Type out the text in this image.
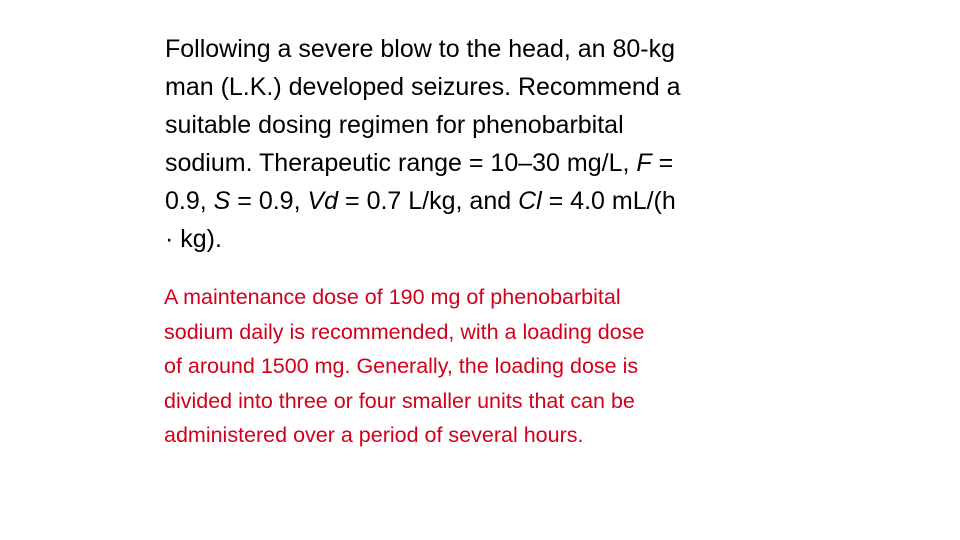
Following a severe blow to the head, an 80-kg
man (L.K.) developed seizures. Recommend a
suitable dosing regimen for phenobarbital
sodium. Therapeutic range = 10–30 mg/L, F =
0.9, S = 0.9, Vd = 0.7 L/kg, and Cl = 4.0 mL/(h
· kg).
A maintenance dose of 190 mg of phenobarbital
sodium daily is recommended, with a loading dose
of around 1500 mg. Generally, the loading dose is
divided into three or four smaller units that can be
administered over a period of several hours.
